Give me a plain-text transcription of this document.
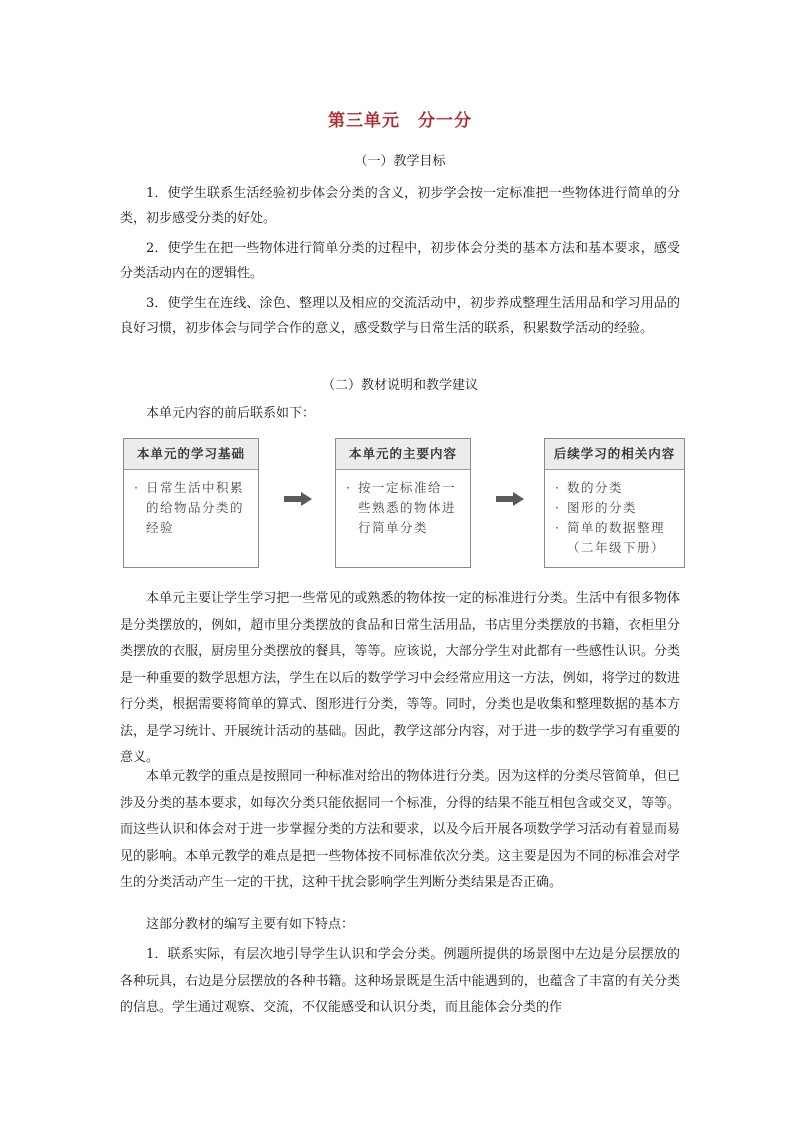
第三单元　分一分
（一）教学目标
1．使学生联系生活经验初步体会分类的含义，初步学会按一定标准把一些物体进行简单的分类，初步感受分类的好处。
2．使学生在把一些物体进行简单分类的过程中，初步体会分类的基本方法和基本要求，感受分类活动内在的逻辑性。
3．使学生在连线、涂色、整理以及相应的交流活动中，初步养成整理生活用品和学习用品的良好习惯，初步体会与同学合作的意义，感受数学与日常生活的联系，积累数学活动的经验。
（二）教材说明和教学建议
本单元内容的前后联系如下：
本单元的学习基础
· 日常生活中积累的给物品分类的经验
本单元的主要内容
· 按一定标准给一些熟悉的物体进行简单分类
后续学习的相关内容
· 数的分类
· 图形的分类
· 简单的数据整理（二年级下册）
本单元主要让学生学习把一些常见的或熟悉的物体按一定的标准进行分类。生活中有很多物体是分类摆放的，例如，超市里分类摆放的食品和日常生活用品，书店里分类摆放的书籍，衣柜里分类摆放的衣服，厨房里分类摆放的餐具，等等。应该说，大部分学生对此都有一些感性认识。分类是一种重要的数学思想方法，学生在以后的数学学习中会经常应用这一方法，例如，将学过的数进行分类，根据需要将简单的算式、图形进行分类，等等。同时，分类也是收集和整理数据的基本方法，是学习统计、开展统计活动的基础。因此，教学这部分内容，对于进一步的数学学习有重要的意义。
本单元教学的重点是按照同一种标准对给出的物体进行分类。因为这样的分类尽管简单，但已涉及分类的基本要求，如每次分类只能依据同一个标准，分得的结果不能互相包含或交叉，等等。而这些认识和体会对于进一步掌握分类的方法和要求，以及今后开展各项数学学习活动有着显而易见的影响。本单元教学的难点是把一些物体按不同标准依次分类。这主要是因为不同的标准会对学生的分类活动产生一定的干扰，这种干扰会影响学生判断分类结果是否正确。
这部分教材的编写主要有如下特点：
1．联系实际，有层次地引导学生认识和学会分类。例题所提供的场景图中左边是分层摆放的各种玩具，右边是分层摆放的各种书籍。这种场景既是生活中能遇到的，也蕴含了丰富的有关分类的信息。学生通过观察、交流，不仅能感受和认识分类，而且能体会分类的作
